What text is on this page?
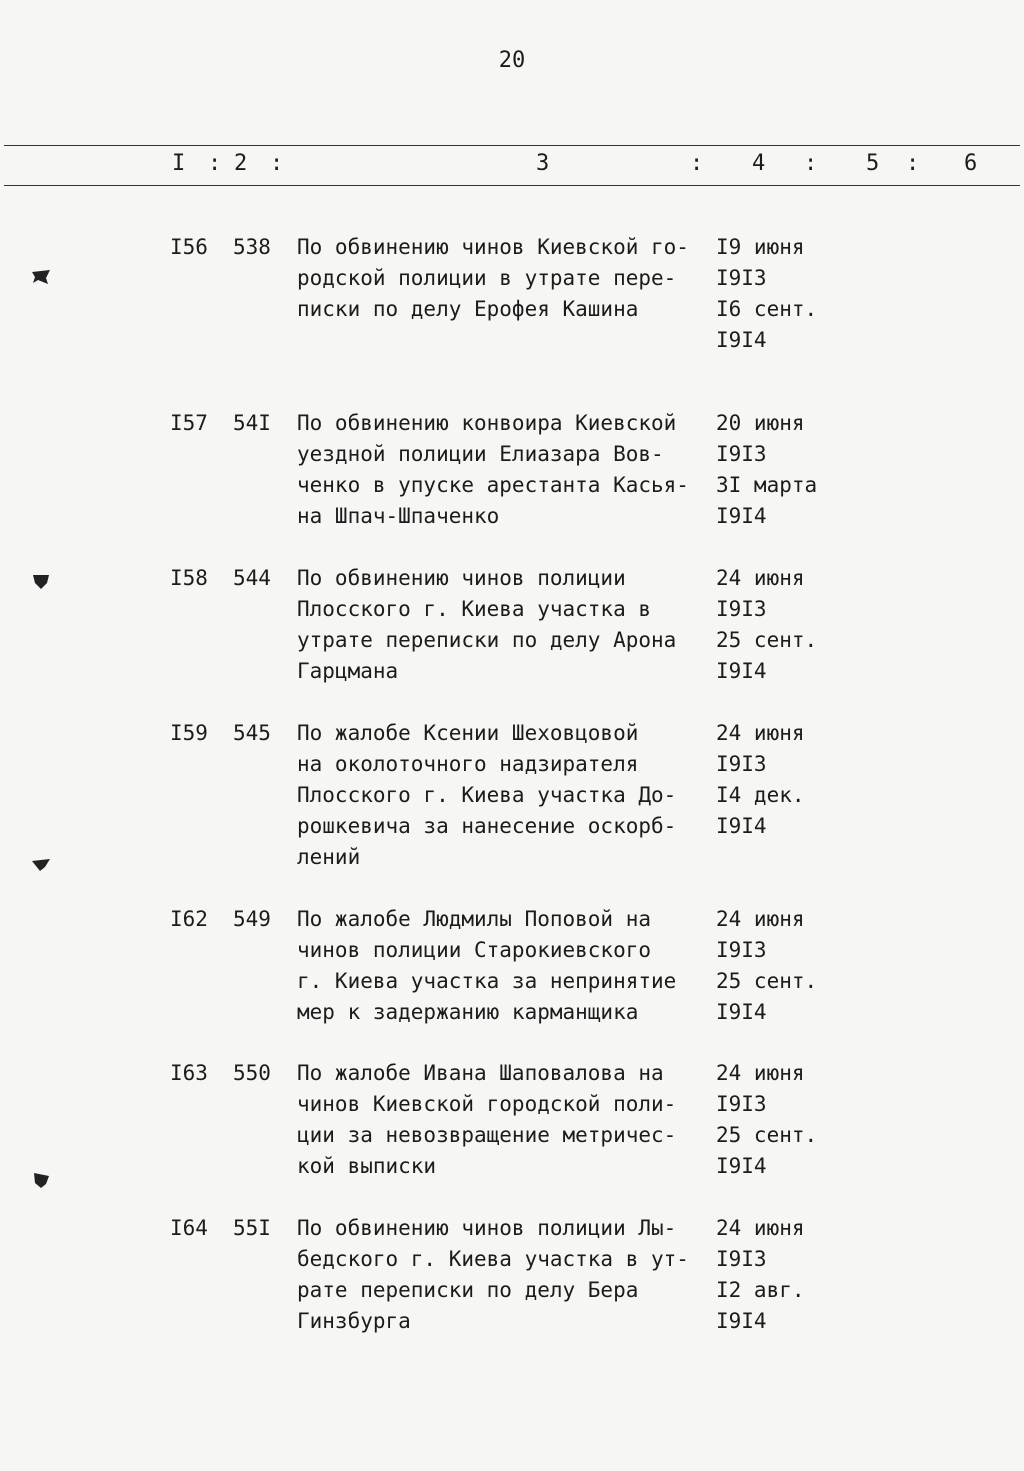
20
I : 2 :	3	: 4 : 5 : 6
I56 538 По обвинению чинов Киевской го-
родской полиции в утрате пере-
писки по делу Ерофея Кашина
I9 июня
I9I3
I6 сент.
I9I4
I57 54I По обвинению конвоира Киевской
уездной полиции Елиазара Вов-
ченко в упуске арестанта Касья-
на Шпач-Шпаченко
20 июня
I9I3
3I марта
I9I4
I58 544 По обвинению чинов полиции
Плосского г. Киева участка в
утрате переписки по делу Арона
Гарцмана
24 июня
I9I3
25 сент.
I9I4
I59 545 По жалобе Ксении Шеховцовой
на околоточного надзирателя
Плосского г. Киева участка До-
рошкевича за нанесение оскорб-
лений
24 июня
I9I3
I4 дек.
I9I4
I62 549 По жалобе Людмилы Поповой на
чинов полиции Старокиевского
г. Киева участка за непринятие
мер к задержанию карманщика
24 июня
I9I3
25 сент.
I9I4
I63 550 По жалобе Ивана Шаповалова на
чинов Киевской городской поли-
ции за невозвращение метричес-
кой выписки
24 июня
I9I3
25 сент.
I9I4
I64 55I По обвинению чинов полиции Лы-
бедского г. Киева участка в ут-
рате переписки по делу Бера
Гинзбурга
24 июня
I9I3
I2 авг.
I9I4
